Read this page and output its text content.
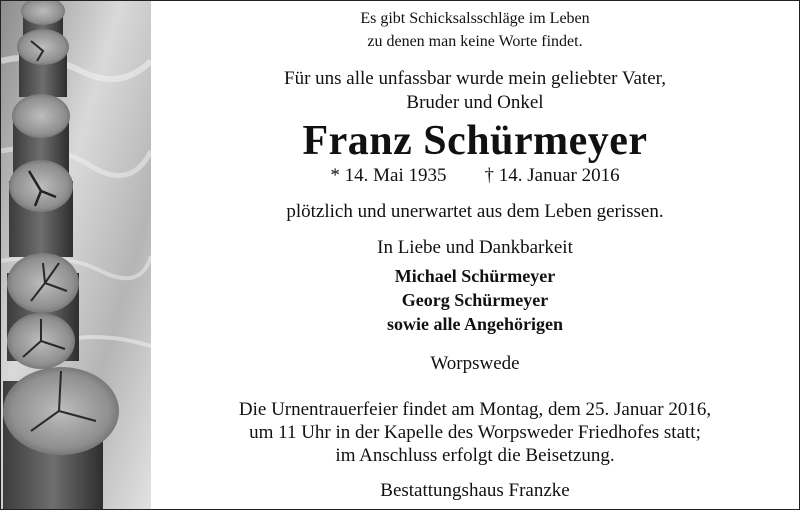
Es gibt Schicksalsschläge im Leben
zu denen man keine Worte findet.
Für uns alle unfassbar wurde mein geliebter Vater,
Bruder und Onkel
Franz Schürmeyer
* 14. Mai 1935 † 14. Januar 2016
plötzlich und unerwartet aus dem Leben gerissen.
In Liebe und Dankbarkeit
Michael Schürmeyer
Georg Schürmeyer
sowie alle Angehörigen
Worpswede
Die Urnentrauerfeier findet am Montag, dem 25. Januar 2016,
um 11 Uhr in der Kapelle des Worpsweder Friedhofes statt;
im Anschluss erfolgt die Beisetzung.
Bestattungshaus Franzke
